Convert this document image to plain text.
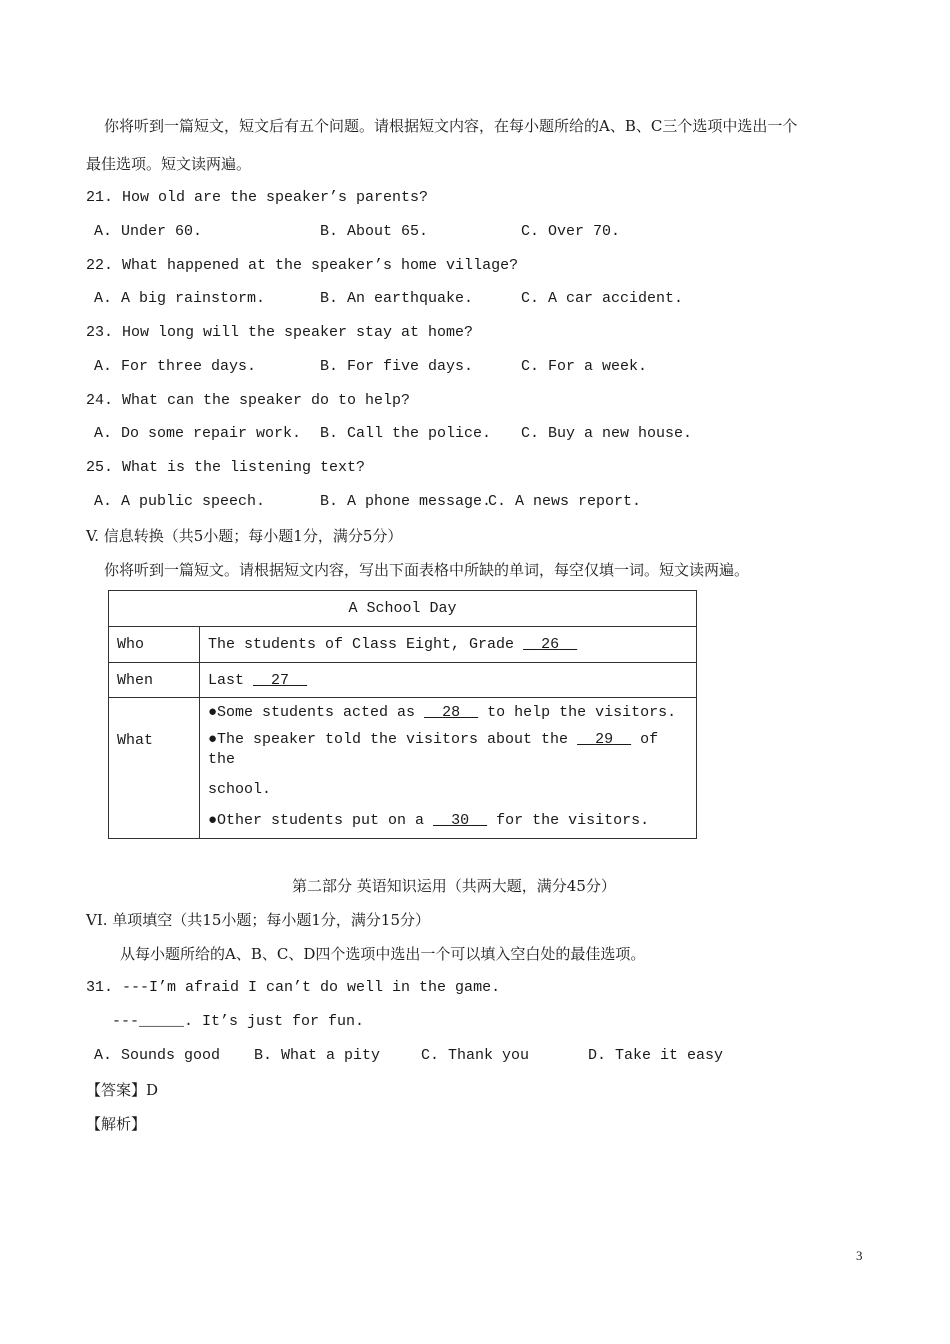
你将听到一篇短文，短文后有五个问题。请根据短文内容，在每小题所给的A、B、C三个选项中选出一个
最佳选项。短文读两遍。
21. How old are the speaker’s parents?
A. Under 60.	B. About 65.	C. Over 70.
22. What happened at the speaker’s home village?
A. A big rainstorm.	B. An earthquake.	C. A car accident.
23. How long will the speaker stay at home?
A. For three days.	B. For five days.	C. For a week.
24. What can the speaker do to help?
A. Do some repair work. B. Call the police. C. Buy a new house.
25. What is the listening text?
A. A public speech.	B. A phone message.
C. A news report.
V. 信息转换（共5小题；每小题1分，满分5分）
你将听到一篇短文。请根据短文内容，写出下面表格中所缺的单词，每空仅填一词。短文读两遍。
A School Day	
Who	The students of Class Eight, Grade 26
When	Last 27
What	●Some students acted as 28 to help the visitors.
●The speaker told the visitors about the 29 of the
school.
●Other students put on a 30 for the visitors.
第二部分 英语知识运用（共两大题，满分45分）
VI. 单项填空（共15小题；每小题1分，满分15分）
从每小题所给的A、B、C、D四个选项中选出一个可以填入空白处的最佳选项。
31. ---I’m afraid I can’t do well in the game.
---_____. It’s just for fun.
A. Sounds good B. What a pity	C. Thank you	D. Take it easy
【答案】D
【解析】
3
